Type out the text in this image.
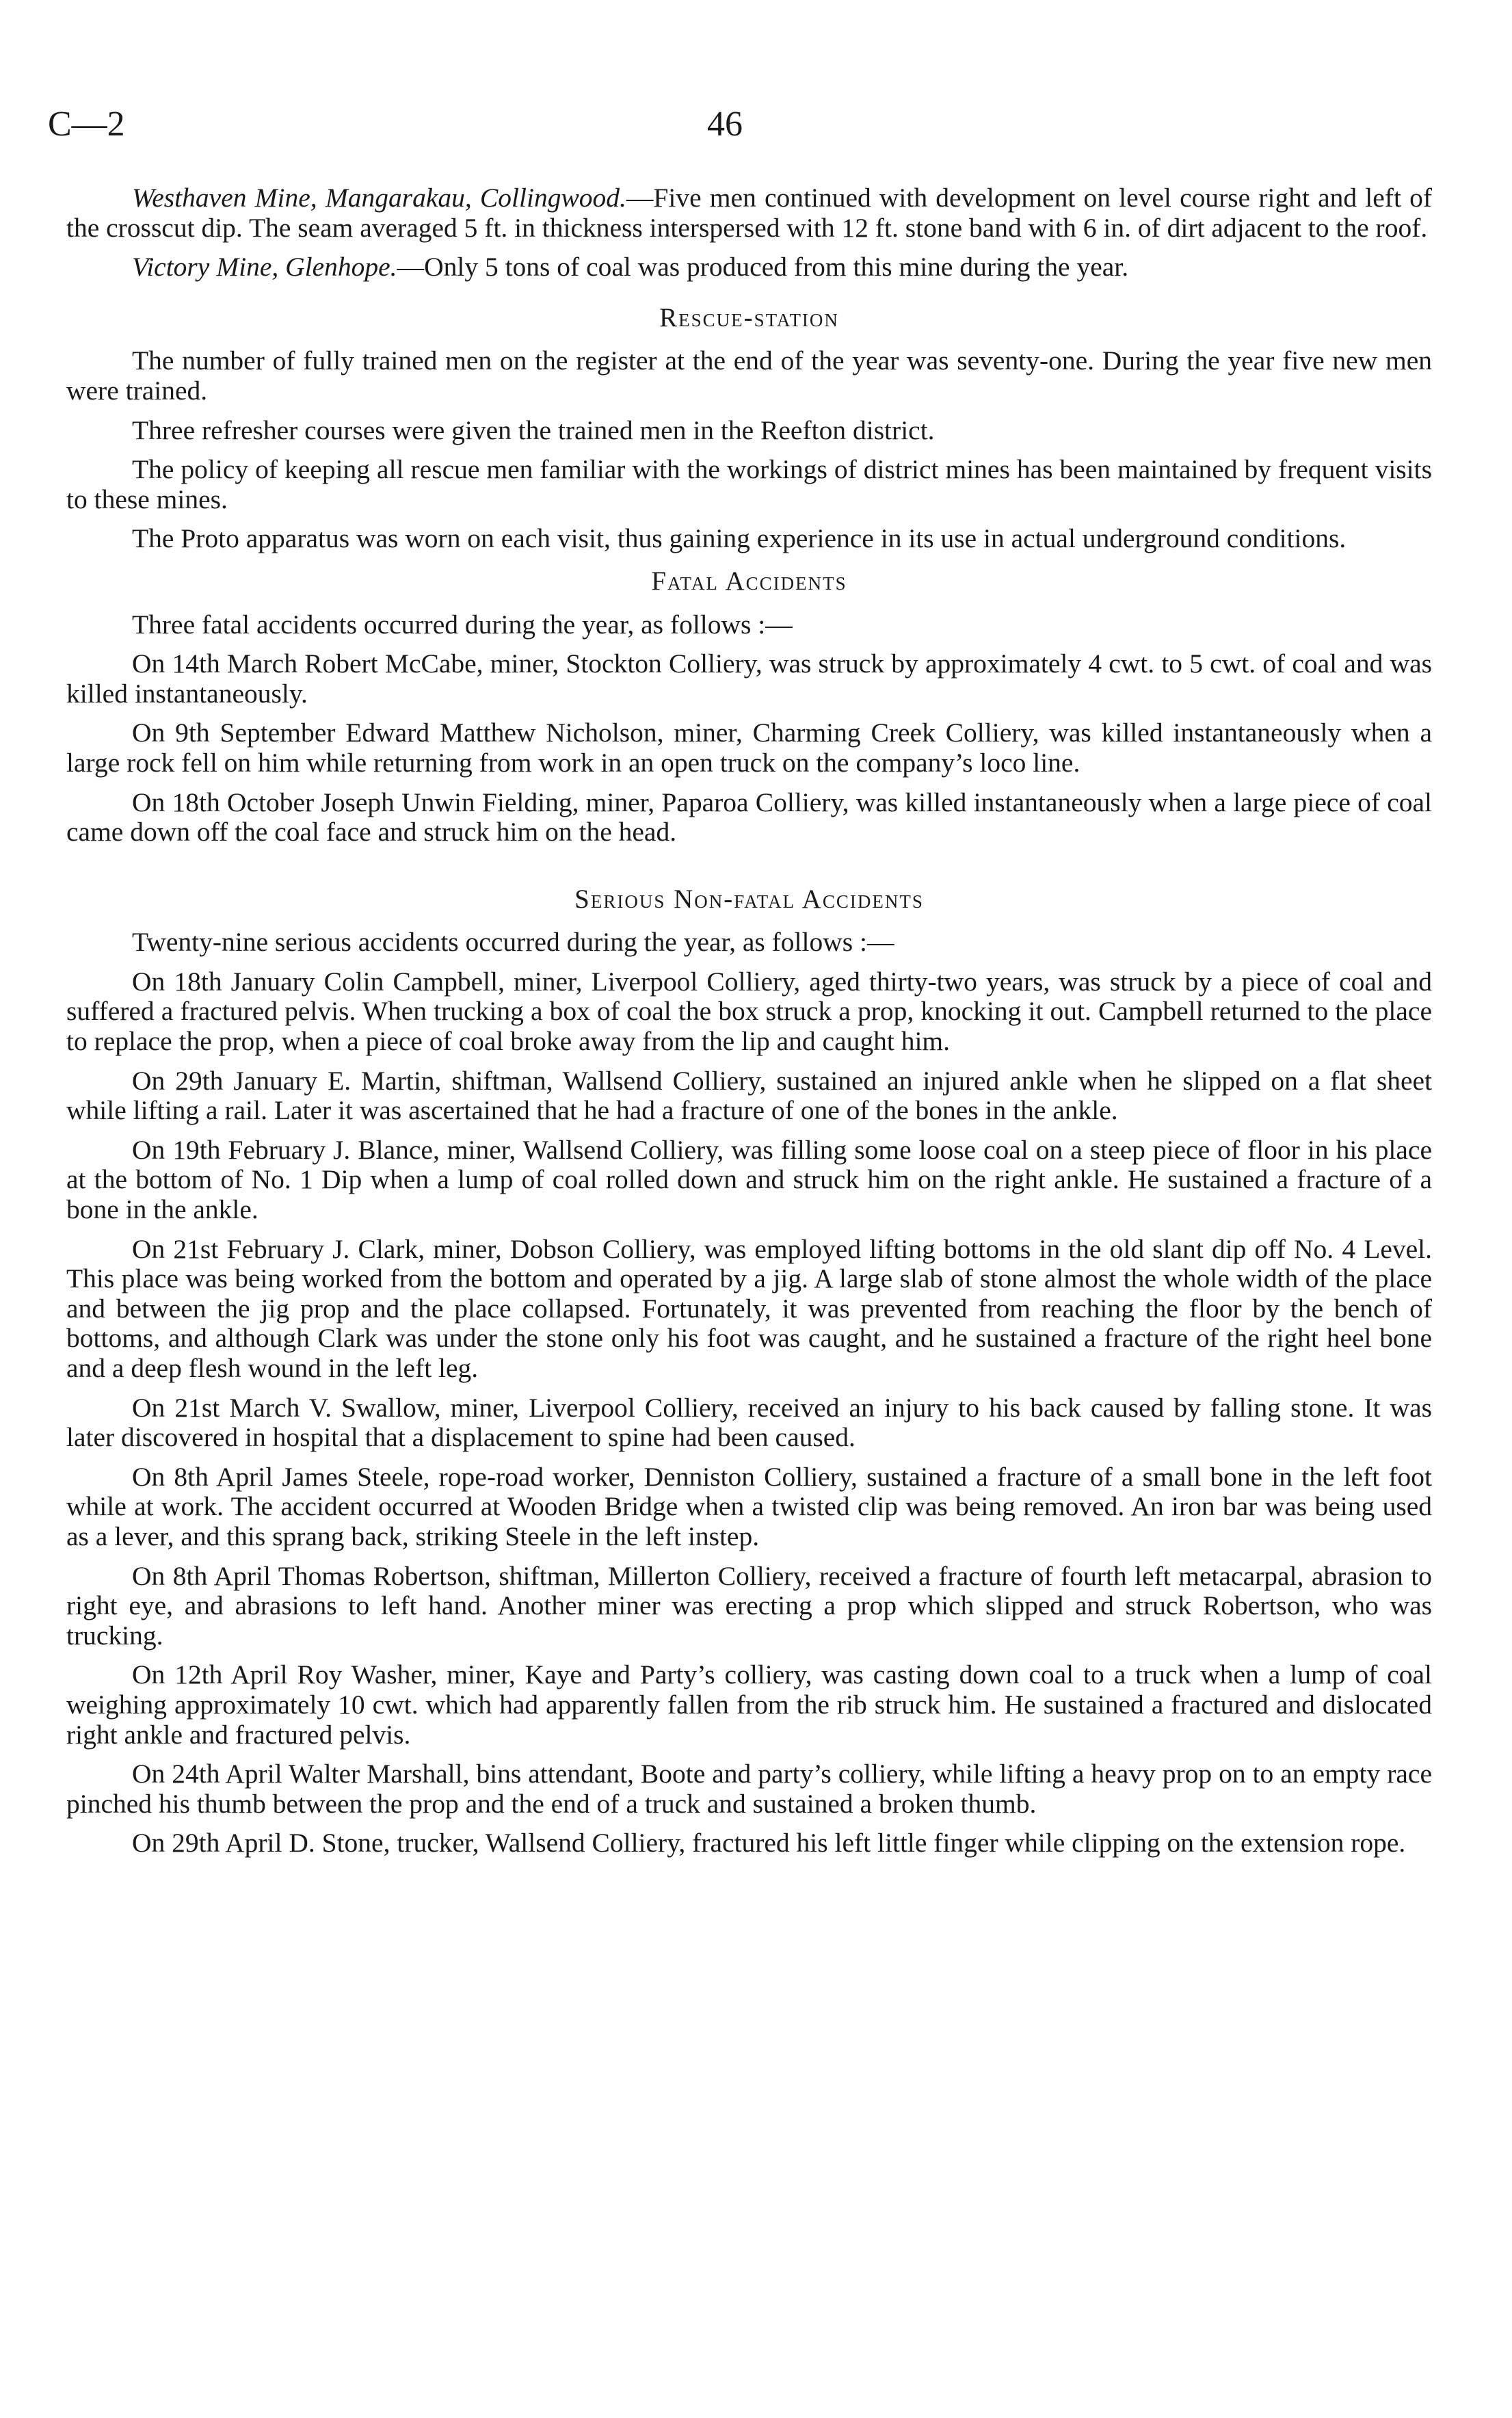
C—2	46

Westhaven Mine, Mangarakau, Collingwood.—Five men continued with development on level course right and left of the crosscut dip. The seam averaged 5 ft. in thickness interspersed with 12 ft. stone band with 6 in. of dirt adjacent to the roof.

Victory Mine, Glenhope.—Only 5 tons of coal was produced from this mine during the year.

Rescue-station

The number of fully trained men on the register at the end of the year was seventy-one. During the year five new men were trained.

Three refresher courses were given the trained men in the Reefton district.

The policy of keeping all rescue men familiar with the workings of district mines has been maintained by frequent visits to these mines.

The Proto apparatus was worn on each visit, thus gaining experience in its use in actual underground conditions.

Fatal Accidents

Three fatal accidents occurred during the year, as follows :—

On 14th March Robert McCabe, miner, Stockton Colliery, was struck by approximately 4 cwt. to 5 cwt. of coal and was killed instantaneously.

On 9th September Edward Matthew Nicholson, miner, Charming Creek Colliery, was killed instantaneously when a large rock fell on him while returning from work in an open truck on the company’s loco line.

On 18th October Joseph Unwin Fielding, miner, Paparoa Colliery, was killed instantaneously when a large piece of coal came down off the coal face and struck him on the head.

Serious Non-fatal Accidents

Twenty-nine serious accidents occurred during the year, as follows :—

On 18th January Colin Campbell, miner, Liverpool Colliery, aged thirty-two years, was struck by a piece of coal and suffered a fractured pelvis. When trucking a box of coal the box struck a prop, knocking it out. Campbell returned to the place to replace the prop, when a piece of coal broke away from the lip and caught him.

On 29th January E. Martin, shiftman, Wallsend Colliery, sustained an injured ankle when he slipped on a flat sheet while lifting a rail. Later it was ascertained that he had a fracture of one of the bones in the ankle.

On 19th February J. Blance, miner, Wallsend Colliery, was filling some loose coal on a steep piece of floor in his place at the bottom of No. 1 Dip when a lump of coal rolled down and struck him on the right ankle. He sustained a fracture of a bone in the ankle.

On 21st February J. Clark, miner, Dobson Colliery, was employed lifting bottoms in the old slant dip off No. 4 Level. This place was being worked from the bottom and operated by a jig. A large slab of stone almost the whole width of the place and between the jig prop and the place collapsed. Fortunately, it was prevented from reaching the floor by the bench of bottoms, and although Clark was under the stone only his foot was caught, and he sustained a fracture of the right heel bone and a deep flesh wound in the left leg.

On 21st March V. Swallow, miner, Liverpool Colliery, received an injury to his back caused by falling stone. It was later discovered in hospital that a displacement to spine had been caused.

On 8th April James Steele, rope-road worker, Denniston Colliery, sustained a fracture of a small bone in the left foot while at work. The accident occurred at Wooden Bridge when a twisted clip was being removed. An iron bar was being used as a lever, and this sprang back, striking Steele in the left instep.

On 8th April Thomas Robertson, shiftman, Millerton Colliery, received a fracture of fourth left metacarpal, abrasion to right eye, and abrasions to left hand. Another miner was erecting a prop which slipped and struck Robertson, who was trucking.

On 12th April Roy Washer, miner, Kaye and Party’s colliery, was casting down coal to a truck when a lump of coal weighing approximately 10 cwt. which had apparently fallen from the rib struck him. He sustained a fractured and dislocated right ankle and fractured pelvis.

On 24th April Walter Marshall, bins attendant, Boote and party’s colliery, while lifting a heavy prop on to an empty race pinched his thumb between the prop and the end of a truck and sustained a broken thumb.

On 29th April D. Stone, trucker, Wallsend Colliery, fractured his left little finger while clipping on the extension rope.
